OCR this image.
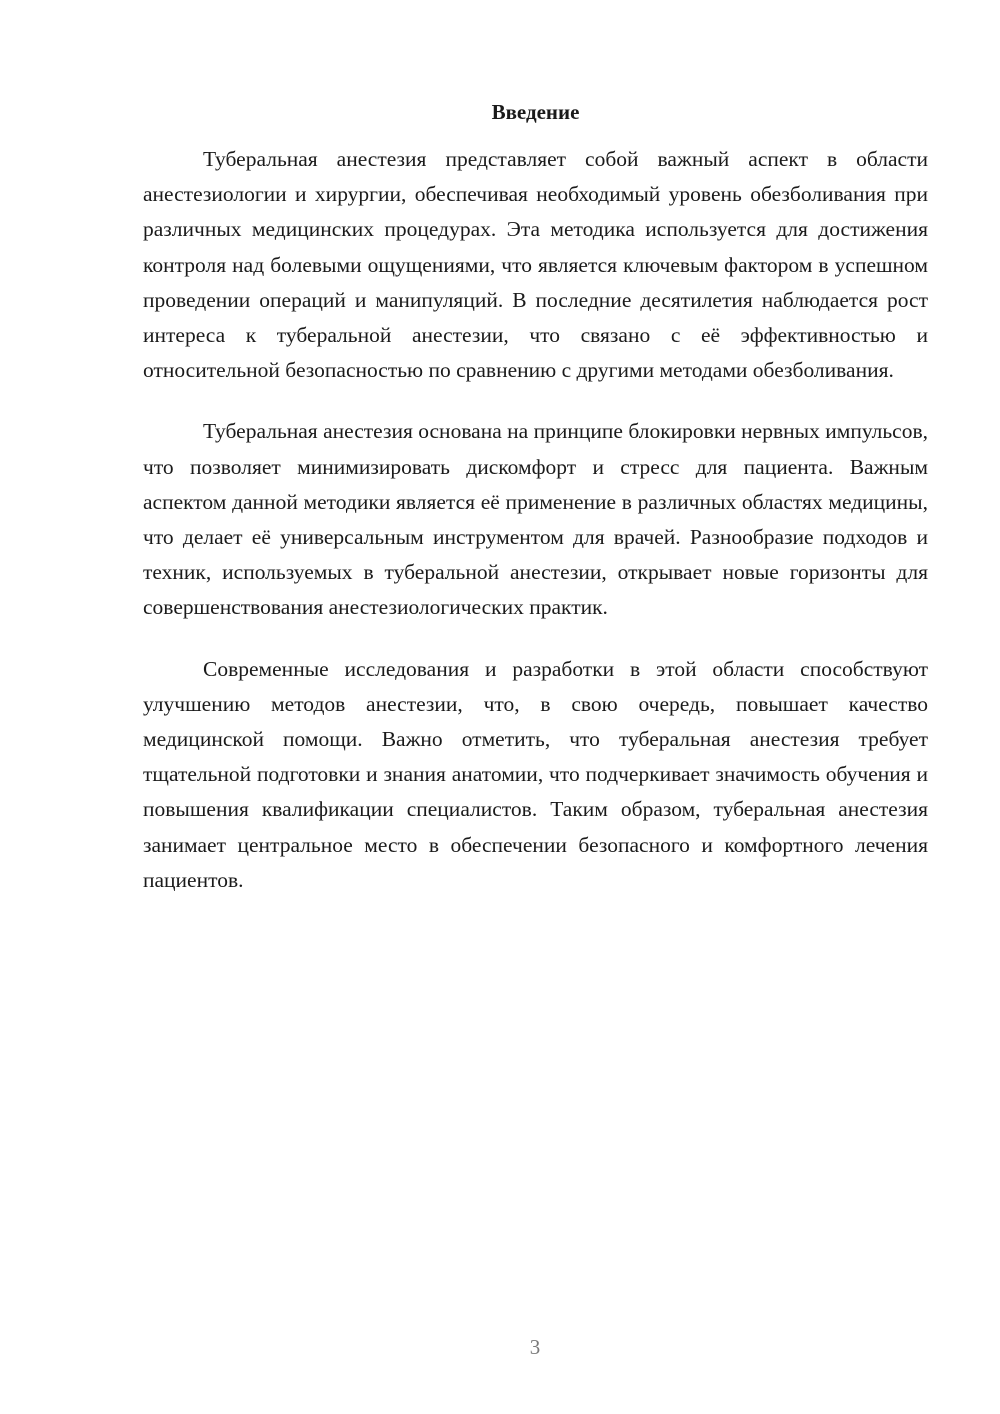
Введение

Туберальная анестезия представляет собой важный аспект в области анестезиологии и хирургии, обеспечивая необходимый уровень обезболивания при различных медицинских процедурах. Эта методика используется для достижения контроля над болевыми ощущениями, что является ключевым фактором в успешном проведении операций и манипуляций. В последние десятилетия наблюдается рост интереса к туберальной анестезии, что связано с её эффективностью и относительной безопасностью по сравнению с другими методами обезболивания.

Туберальная анестезия основана на принципе блокировки нервных импульсов, что позволяет минимизировать дискомфорт и стресс для пациента. Важным аспектом данной методики является её применение в различных областях медицины, что делает её универсальным инструментом для врачей. Разнообразие подходов и техник, используемых в туберальной анестезии, открывает новые горизонты для совершенствования анестезиологических практик.

Современные исследования и разработки в этой области способствуют улучшению методов анестезии, что, в свою очередь, повышает качество медицинской помощи. Важно отметить, что туберальная анестезия требует тщательной подготовки и знания анатомии, что подчеркивает значимость обучения и повышения квалификации специалистов. Таким образом, туберальная анестезия занимает центральное место в обеспечении безопасного и комфортного лечения пациентов.

3
